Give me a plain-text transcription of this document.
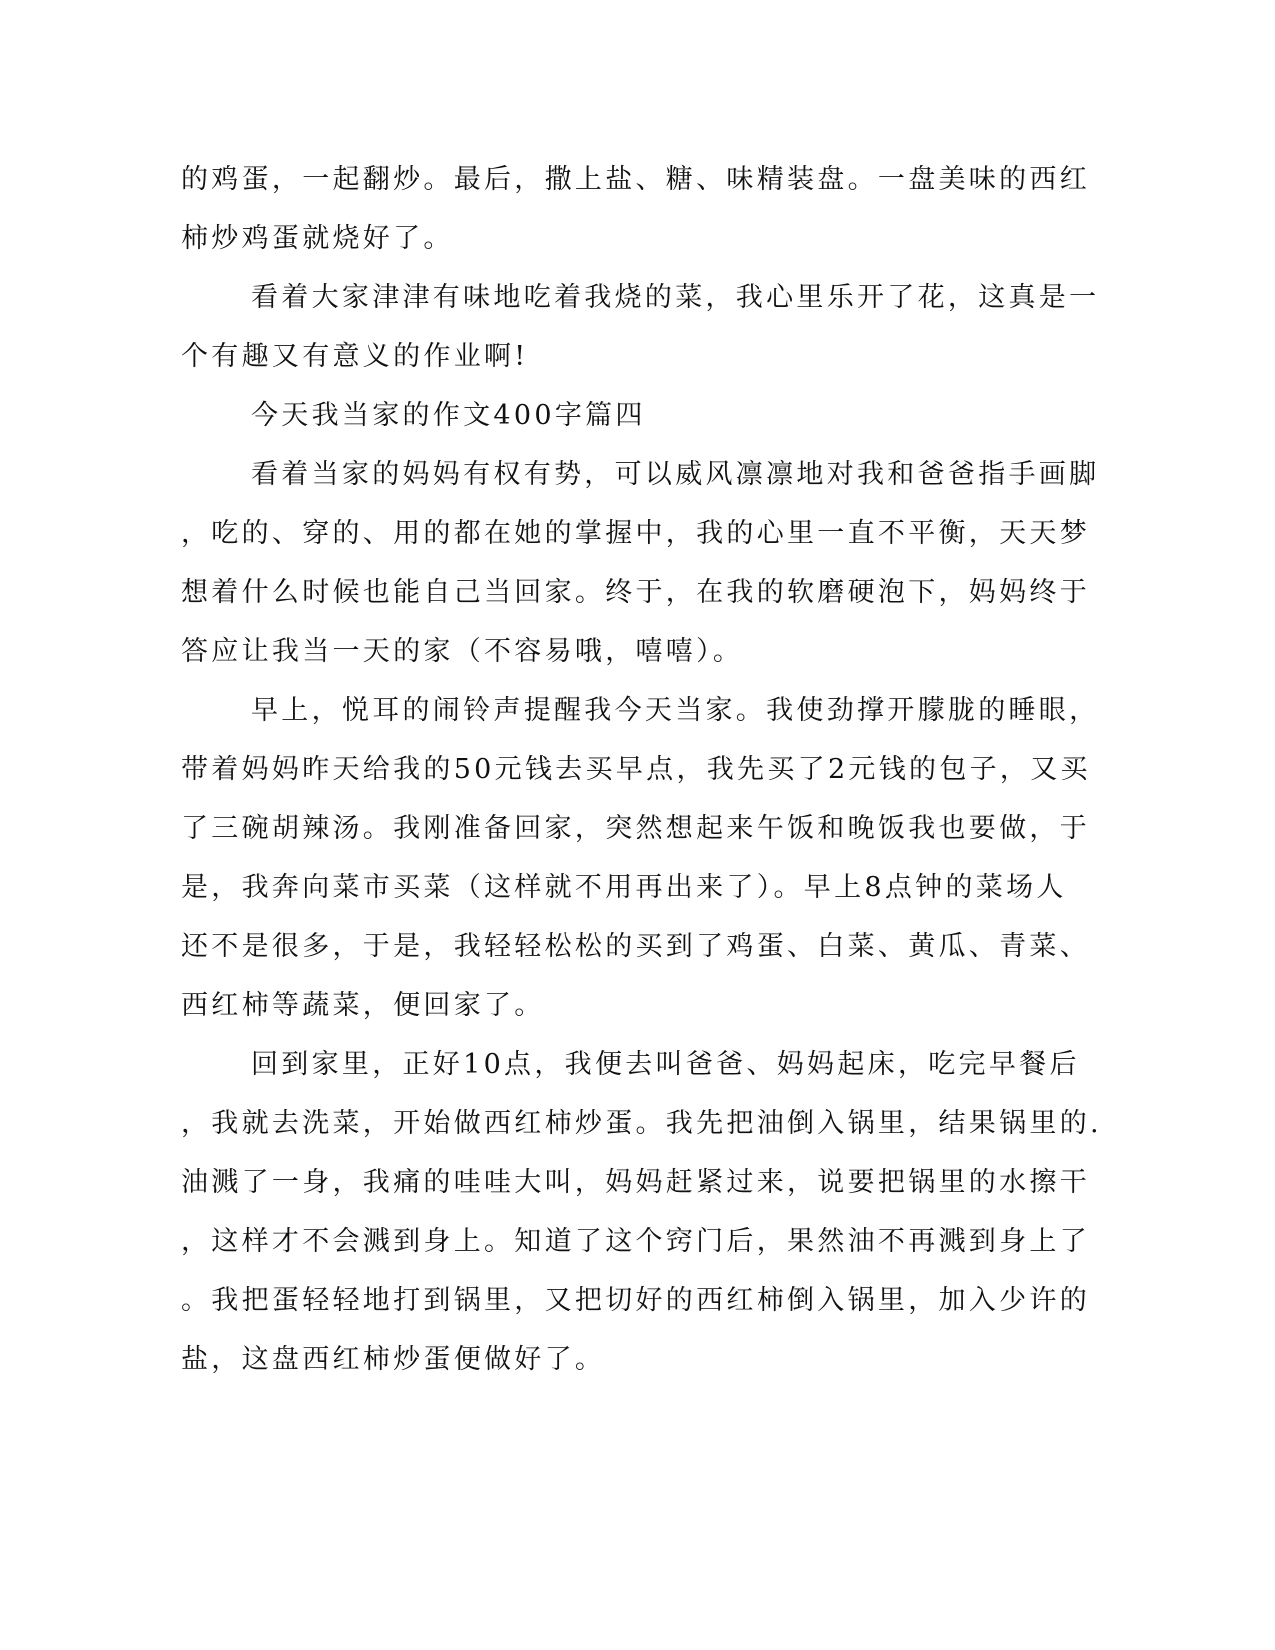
的鸡蛋，一起翻炒。最后，撒上盐、糖、味精装盘。一盘美味的西红
柿炒鸡蛋就烧好了。
看着大家津津有味地吃着我烧的菜，我心里乐开了花，这真是一
个有趣又有意义的作业啊!
今天我当家的作文400字篇四
看着当家的妈妈有权有势，可以威风凛凛地对我和爸爸指手画脚
，吃的、穿的、用的都在她的掌握中，我的心里一直不平衡，天天梦
想着什么时候也能自己当回家。终于，在我的软磨硬泡下，妈妈终于
答应让我当一天的家（不容易哦，嘻嘻）。
早上，悦耳的闹铃声提醒我今天当家。我使劲撑开朦胧的睡眼，
带着妈妈昨天给我的50元钱去买早点，我先买了2元钱的包子，又买
了三碗胡辣汤。我刚准备回家，突然想起来午饭和晚饭我也要做，于
是，我奔向菜市买菜（这样就不用再出来了）。早上8点钟的菜场人
还不是很多，于是，我轻轻松松的买到了鸡蛋、白菜、黄瓜、青菜、
西红柿等蔬菜，便回家了。
回到家里，正好10点，我便去叫爸爸、妈妈起床，吃完早餐后
，我就去洗菜，开始做西红柿炒蛋。我先把油倒入锅里，结果锅里的.
油溅了一身，我痛的哇哇大叫，妈妈赶紧过来，说要把锅里的水擦干
，这样才不会溅到身上。知道了这个窍门后，果然油不再溅到身上了
。我把蛋轻轻地打到锅里，又把切好的西红柿倒入锅里，加入少许的
盐，这盘西红柿炒蛋便做好了。
